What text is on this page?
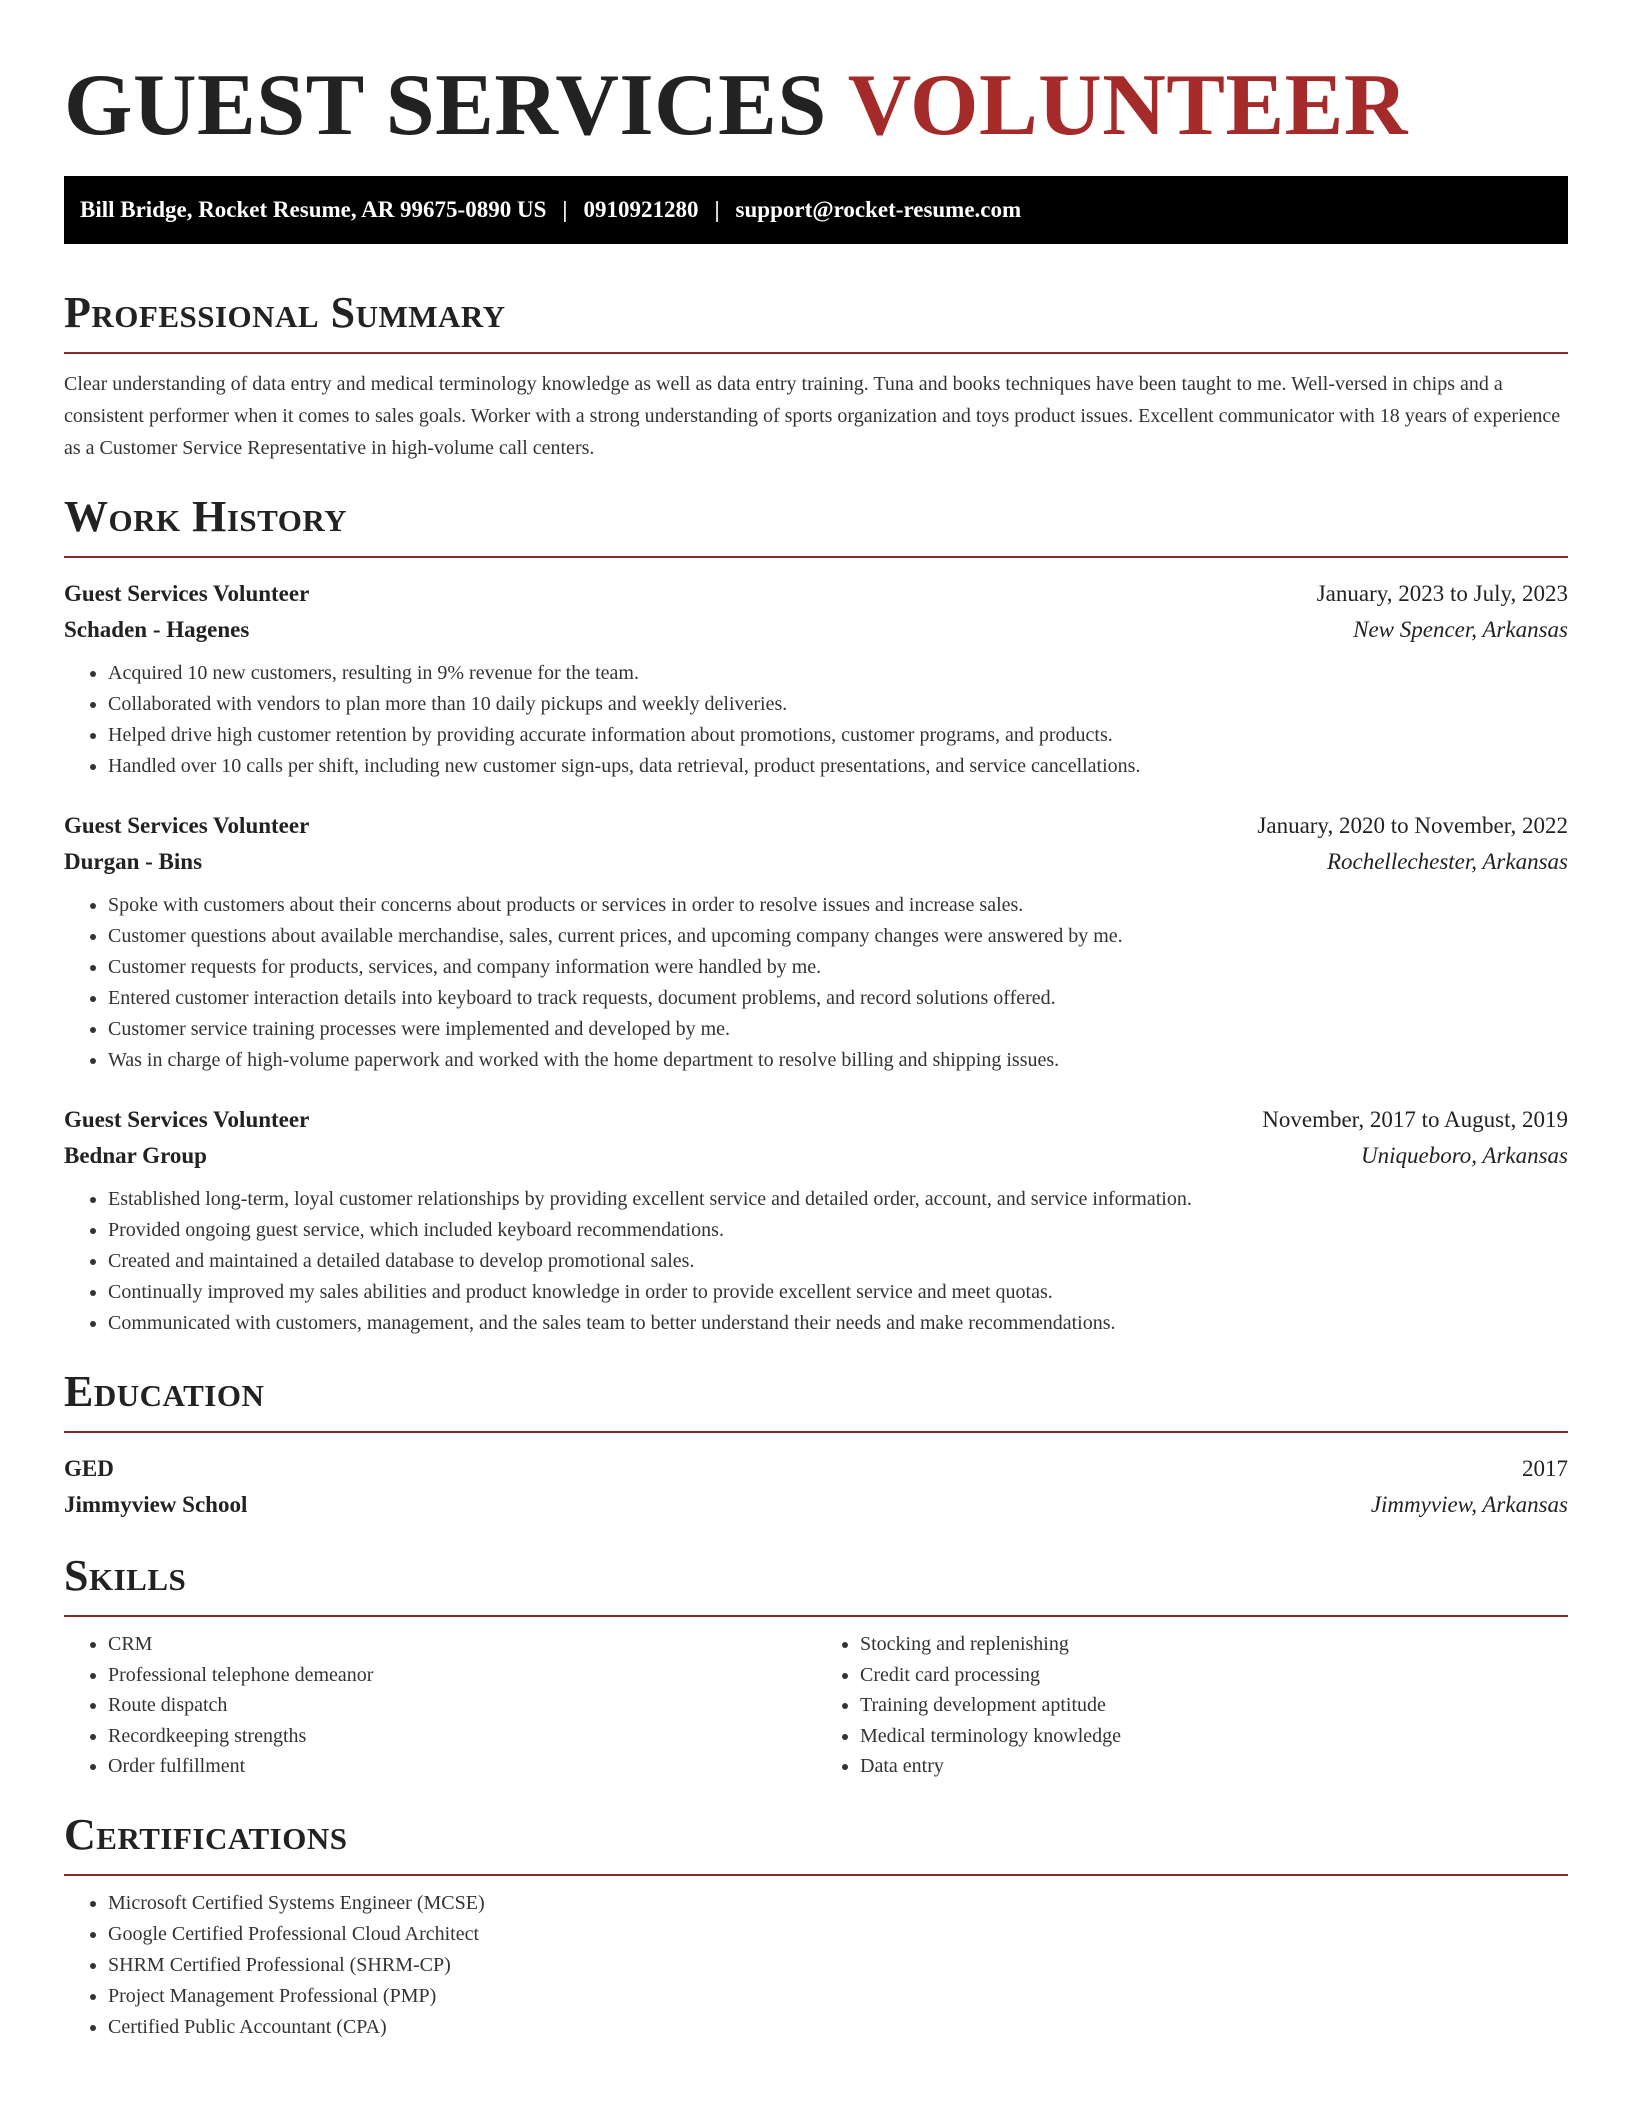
GUEST SERVICES VOLUNTEER
Bill Bridge, Rocket Resume, AR 99675-0890 US | 0910921280 | support@rocket-resume.com
Professional Summary

Clear understanding of data entry and medical terminology knowledge as well as data entry training. Tuna and books techniques have been taught to me. Well-versed in chips and a consistent performer when it comes to sales goals. Worker with a strong understanding of sports organization and toys product issues. Excellent communicator with 18 years of experience as a Customer Service Representative in high-volume call centers.

Work History
Guest Services Volunteer	January, 2023 to July, 2023
Schaden - Hagenes	New Spencer, Arkansas
• Acquired 10 new customers, resulting in 9% revenue for the team.
• Collaborated with vendors to plan more than 10 daily pickups and weekly deliveries.
• Helped drive high customer retention by providing accurate information about promotions, customer programs, and products.
• Handled over 10 calls per shift, including new customer sign-ups, data retrieval, product presentations, and service cancellations.
Guest Services Volunteer	January, 2020 to November, 2022
Durgan - Bins	Rochellechester, Arkansas
• Spoke with customers about their concerns about products or services in order to resolve issues and increase sales.
• Customer questions about available merchandise, sales, current prices, and upcoming company changes were answered by me.
• Customer requests for products, services, and company information were handled by me.
• Entered customer interaction details into keyboard to track requests, document problems, and record solutions offered.
• Customer service training processes were implemented and developed by me.
• Was in charge of high-volume paperwork and worked with the home department to resolve billing and shipping issues.
Guest Services Volunteer	November, 2017 to August, 2019
Bednar Group	Uniqueboro, Arkansas
• Established long-term, loyal customer relationships by providing excellent service and detailed order, account, and service information.
• Provided ongoing guest service, which included keyboard recommendations.
• Created and maintained a detailed database to develop promotional sales.
• Continually improved my sales abilities and product knowledge in order to provide excellent service and meet quotas.
• Communicated with customers, management, and the sales team to better understand their needs and make recommendations.
Education
GED	2017
Jimmyview School	Jimmyview, Arkansas
Skills
• CRM
• Professional telephone demeanor
• Route dispatch
• Recordkeeping strengths
• Order fulfillment
• Stocking and replenishing
• Credit card processing
• Training development aptitude
• Medical terminology knowledge
• Data entry
Certifications
• Microsoft Certified Systems Engineer (MCSE)
• Google Certified Professional Cloud Architect
• SHRM Certified Professional (SHRM-CP)
• Project Management Professional (PMP)
• Certified Public Accountant (CPA)
